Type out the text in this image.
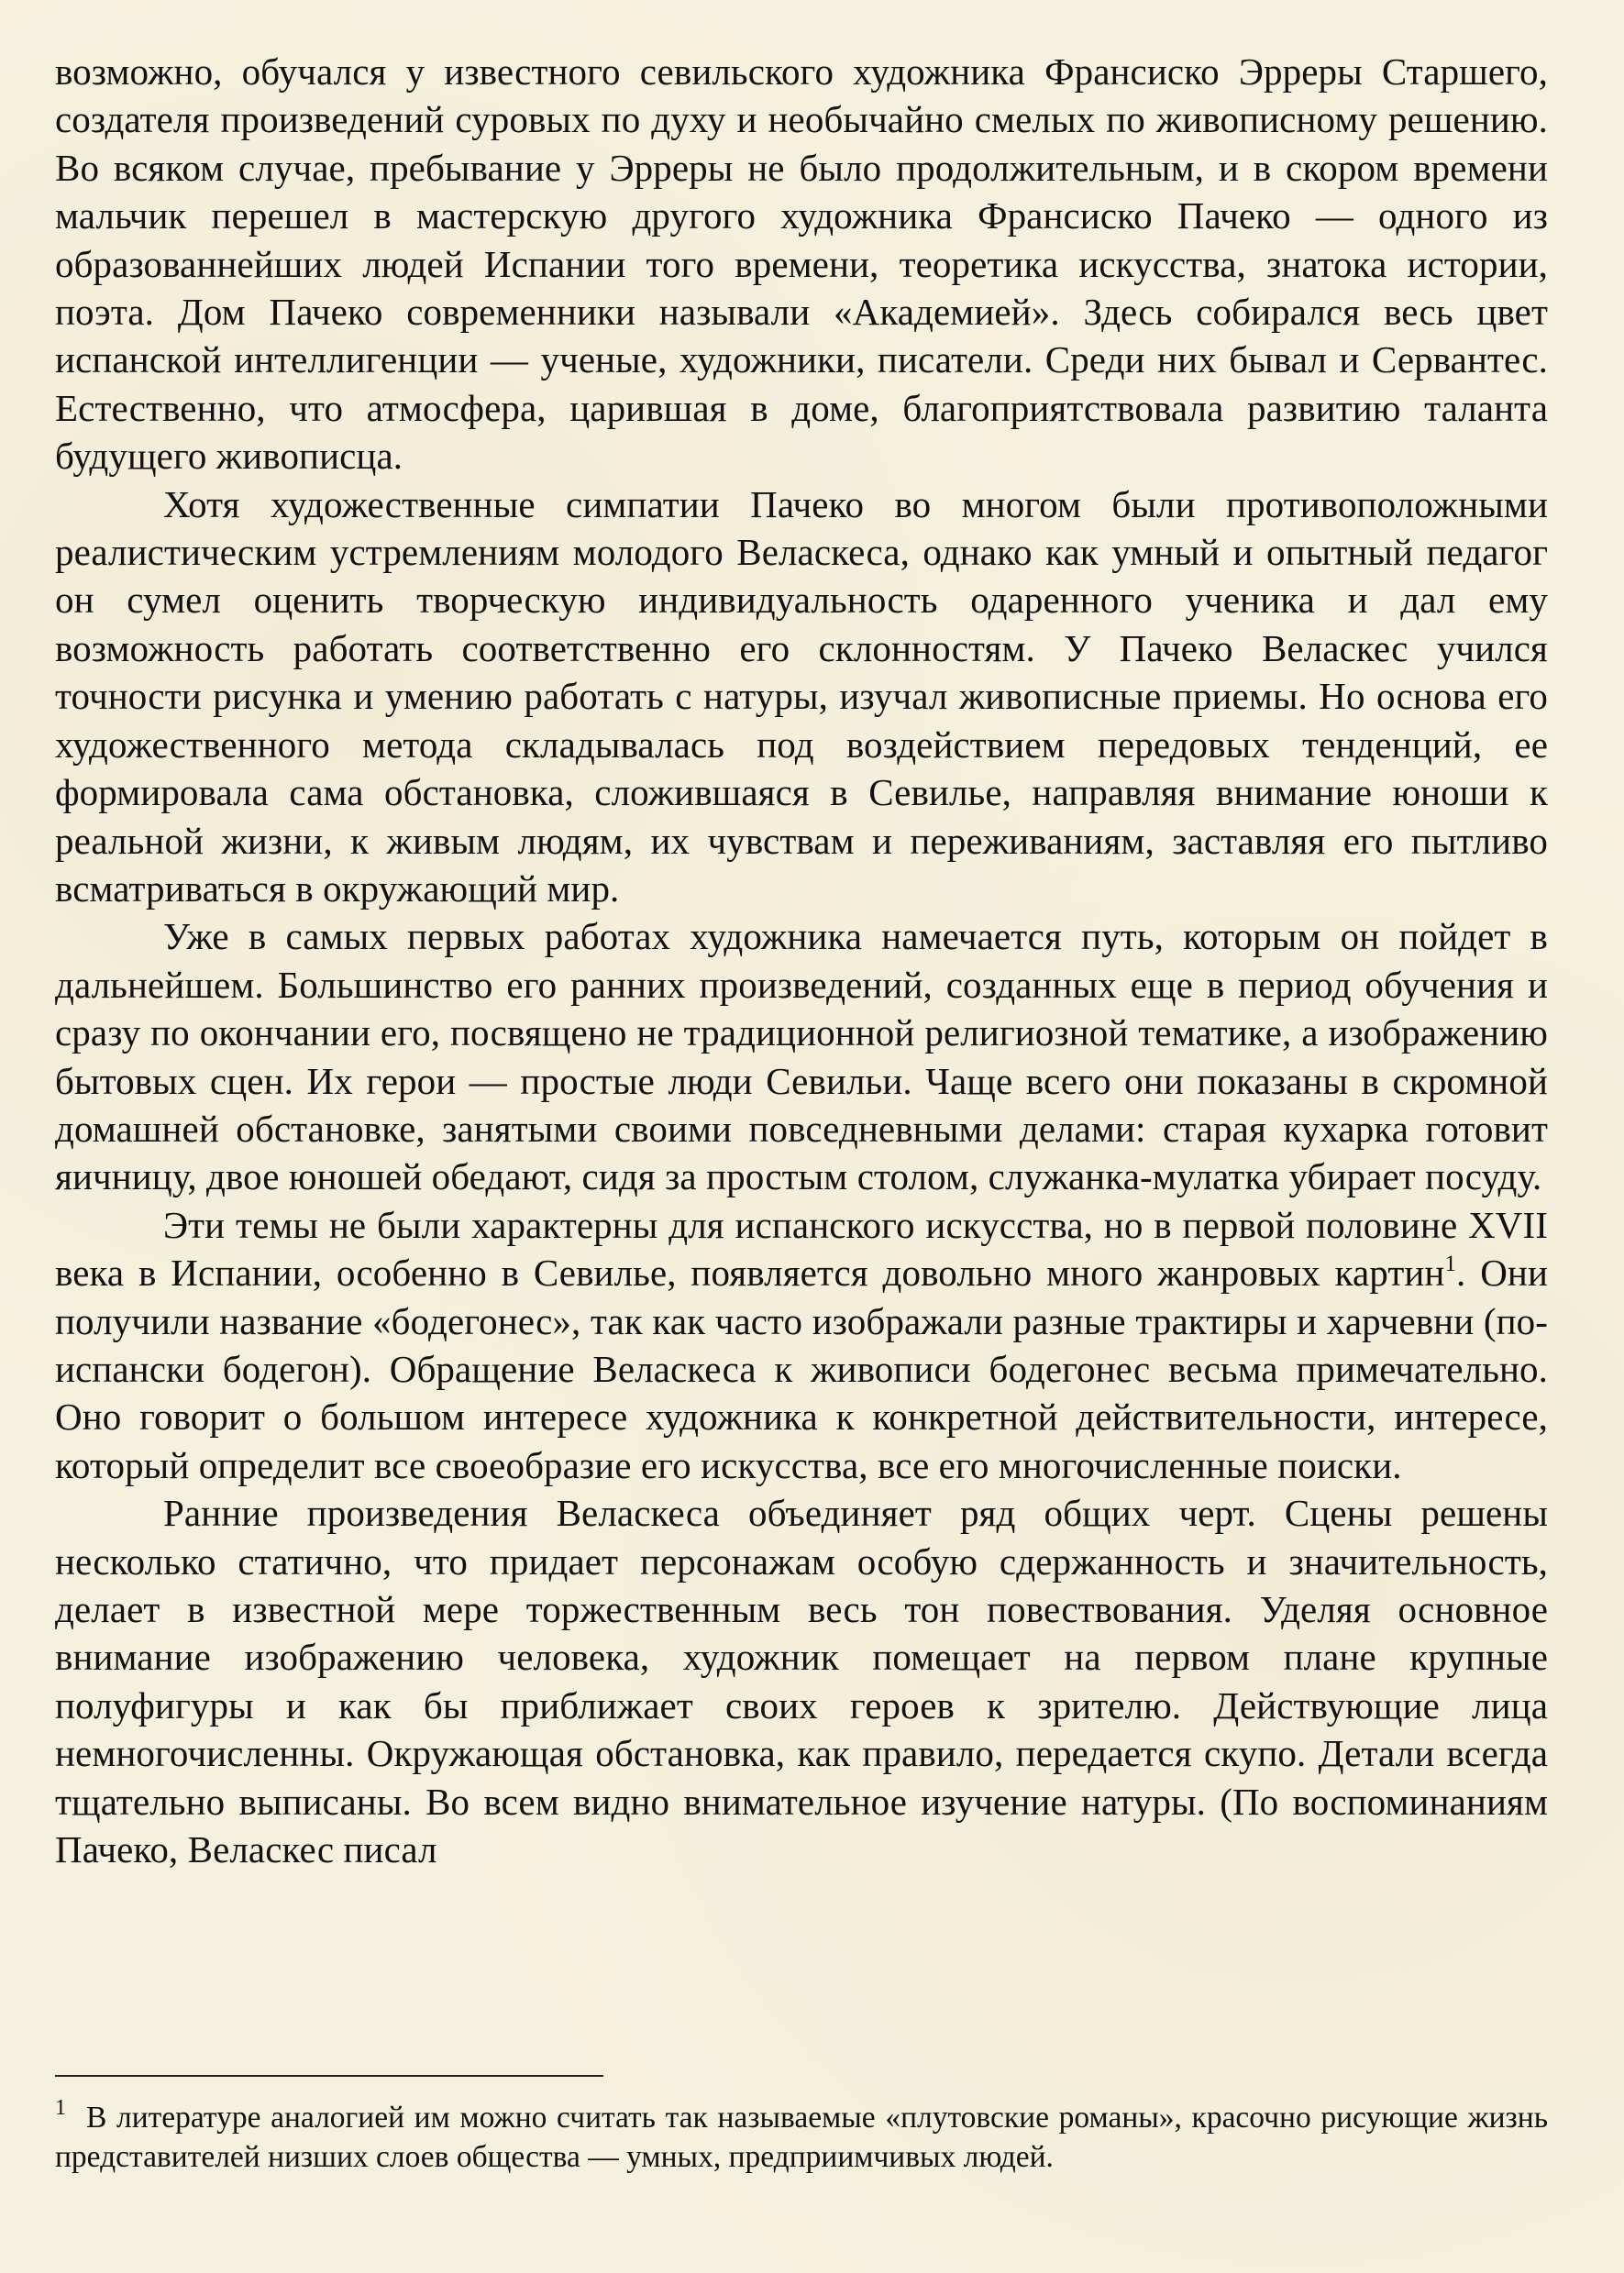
возможно, обучался у известного севильского художника Франсиско Эрреры Старшего, создателя произведений суровых по духу и необычайно смелых по живописному решению. Во всяком случае, пребывание у Эрреры не было продолжительным, и в скором времени мальчик перешел в мастерскую другого художника Франсиско Пачеко — одного из образованнейших людей Испании того времени, теоретика искусства, знатока истории, поэта. Дом Пачеко современники называли «Академией». Здесь собирался весь цвет испанской интеллигенции — ученые, художники, писатели. Среди них бывал и Сервантес. Естественно, что атмосфера, царившая в доме, благоприятствовала развитию таланта будущего живописца.

Хотя художественные симпатии Пачеко во многом были противоположными реалистическим устремлениям молодого Веласкеса, однако как умный и опытный педагог он сумел оценить творческую индивидуальность одаренного ученика и дал ему возможность работать соответственно его склонностям. У Пачеко Веласкес учился точности рисунка и умению работать с натуры, изучал живописные приемы. Но основа его художественного метода складывалась под воздействием передовых тенденций, ее формировала сама обстановка, сложившаяся в Севилье, направляя внимание юноши к реальной жизни, к живым людям, их чувствам и переживаниям, заставляя его пытливо всматриваться в окружающий мир.

Уже в самых первых работах художника намечается путь, которым он пойдет в дальнейшем. Большинство его ранних произведений, созданных еще в период обучения и сразу по окончании его, посвящено не традиционной религиозной тематике, а изображению бытовых сцен. Их герои — простые люди Севильи. Чаще всего они показаны в скромной домашней обстановке, занятыми своими повседневными делами: старая кухарка готовит яичницу, двое юношей обедают, сидя за простым столом, служанка-мулатка убирает посуду.

Эти темы не были характерны для испанского искусства, но в первой половине XVII века в Испании, особенно в Севилье, появляется довольно много жанровых картин$^1$. Они получили название «бодегонес», так как часто изображали разные трактиры и харчевни (по-испански бодегон). Обращение Веласкеса к живописи бодегонес весьма примечательно. Оно говорит о большом интересе художника к конкретной действительности, интересе, который определит все своеобразие его искусства, все его многочисленные поиски.

Ранние произведения Веласкеса объединяет ряд общих черт. Сцены решены несколько статично, что придает персонажам особую сдержанность и значительность, делает в известной мере торжественным весь тон повествования. Уделяя основное внимание изображению человека, художник помещает на первом плане крупные полуфигуры и как бы приближает своих героев к зрителю. Действующие лица немногочисленны. Окружающая обстановка, как правило, передается скупо. Детали всегда тщательно выписаны. Во всем видно внимательное изучение натуры. (По воспоминаниям Пачеко, Веласкес писал

$^1$ В литературе аналогией им можно считать так называемые «плутовские романы», красочно рисующие жизнь представителей низших слоев общества — умных, предприимчивых людей.
